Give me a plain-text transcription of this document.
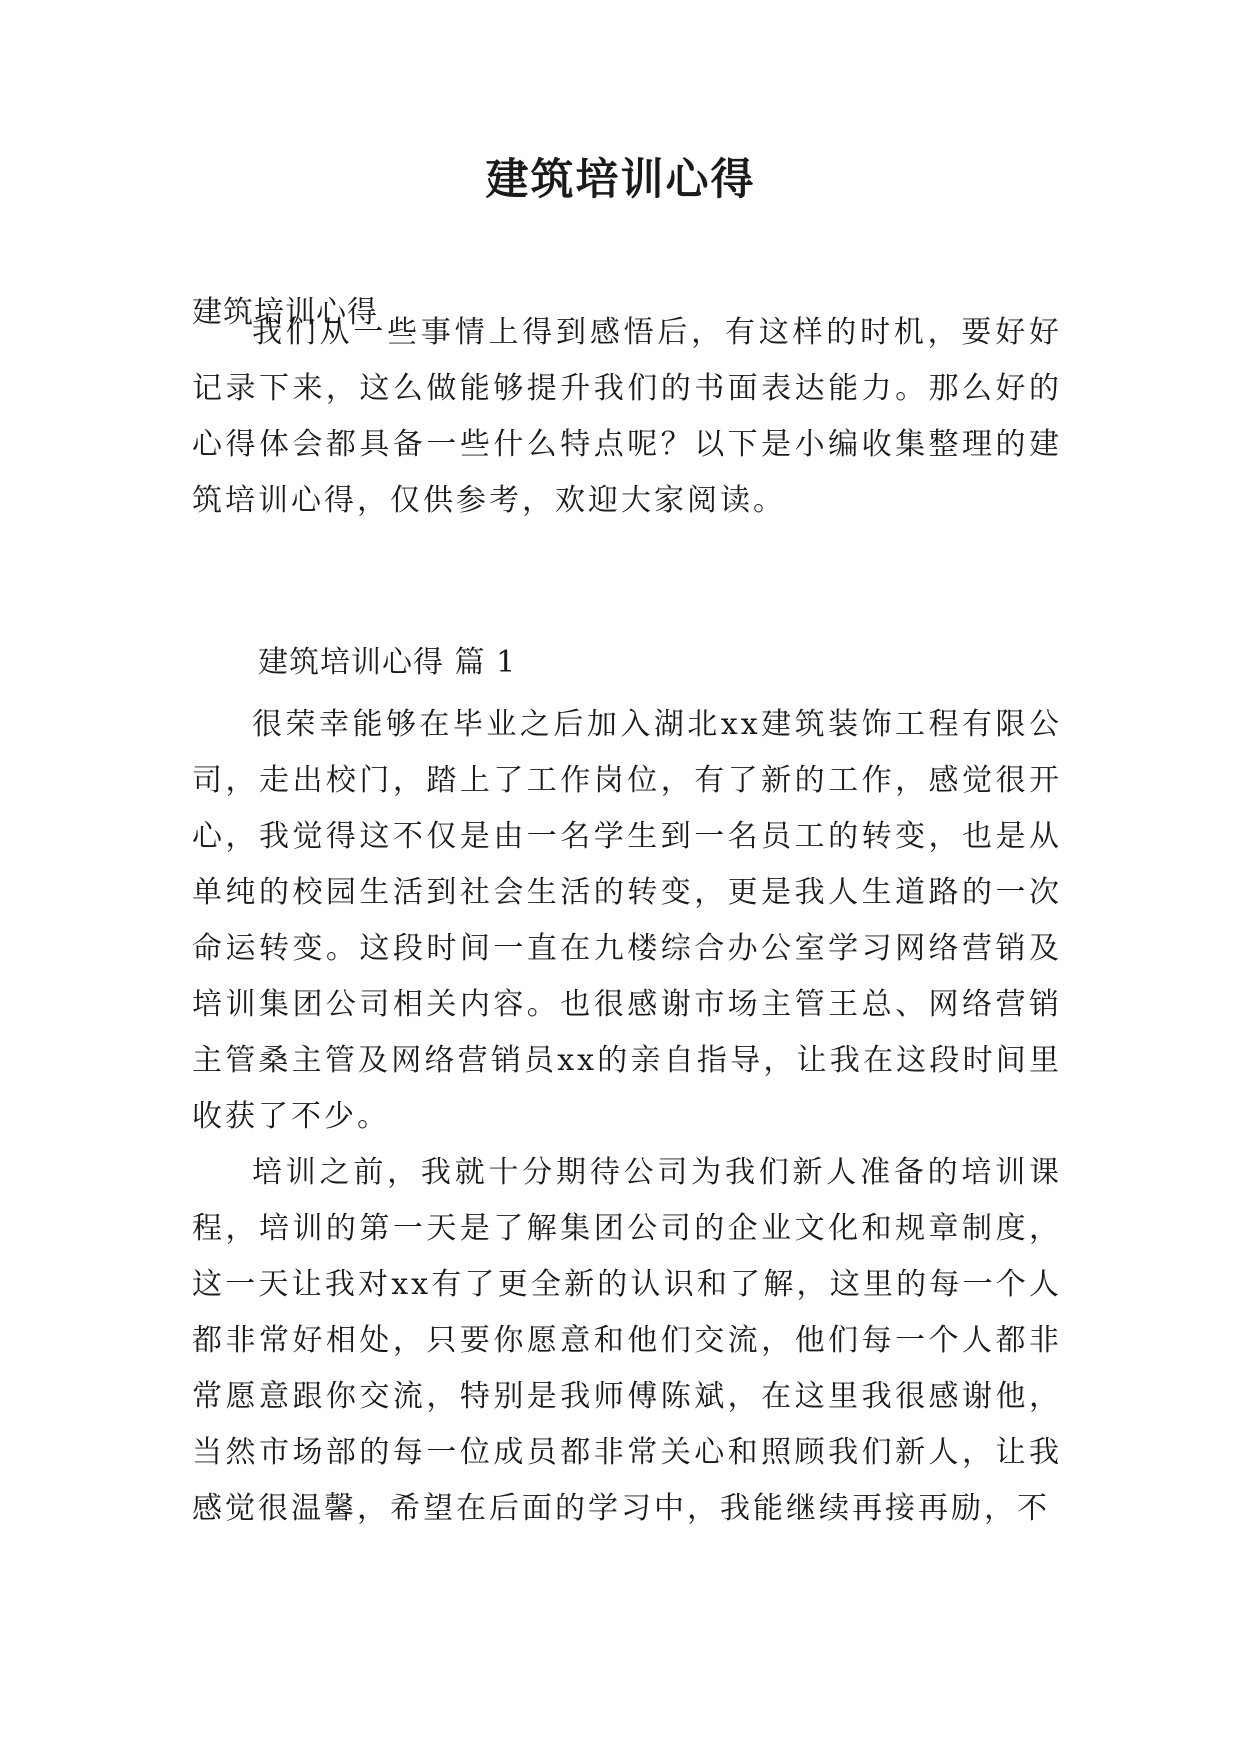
建筑培训心得
建筑培训心得

我们从一些事情上得到感悟后，有这样的时机，要好好记录下来，这么做能够提升我们的书面表达能力。那么好的心得体会都具备一些什么特点呢？以下是小编收集整理的建筑培训心得，仅供参考，欢迎大家阅读。

建筑培训心得 篇 1

很荣幸能够在毕业之后加入湖北xx建筑装饰工程有限公司，走出校门，踏上了工作岗位，有了新的工作，感觉很开心，我觉得这不仅是由一名学生到一名员工的转变，也是从单纯的校园生活到社会生活的转变，更是我人生道路的一次命运转变。这段时间一直在九楼综合办公室学习网络营销及培训集团公司相关内容。也很感谢市场主管王总、网络营销主管桑主管及网络营销员xx的亲自指导，让我在这段时间里收获了不少。

培训之前，我就十分期待公司为我们新人准备的培训课程，培训的第一天是了解集团公司的企业文化和规章制度，这一天让我对xx有了更全新的认识和了解，这里的每一个人都非常好相处，只要你愿意和他们交流，他们每一个人都非常愿意跟你交流，特别是我师傅陈斌，在这里我很感谢他，当然市场部的每一位成员都非常关心和照顾我们新人，让我感觉很温馨，希望在后面的学习中，我能继续再接再励，不
